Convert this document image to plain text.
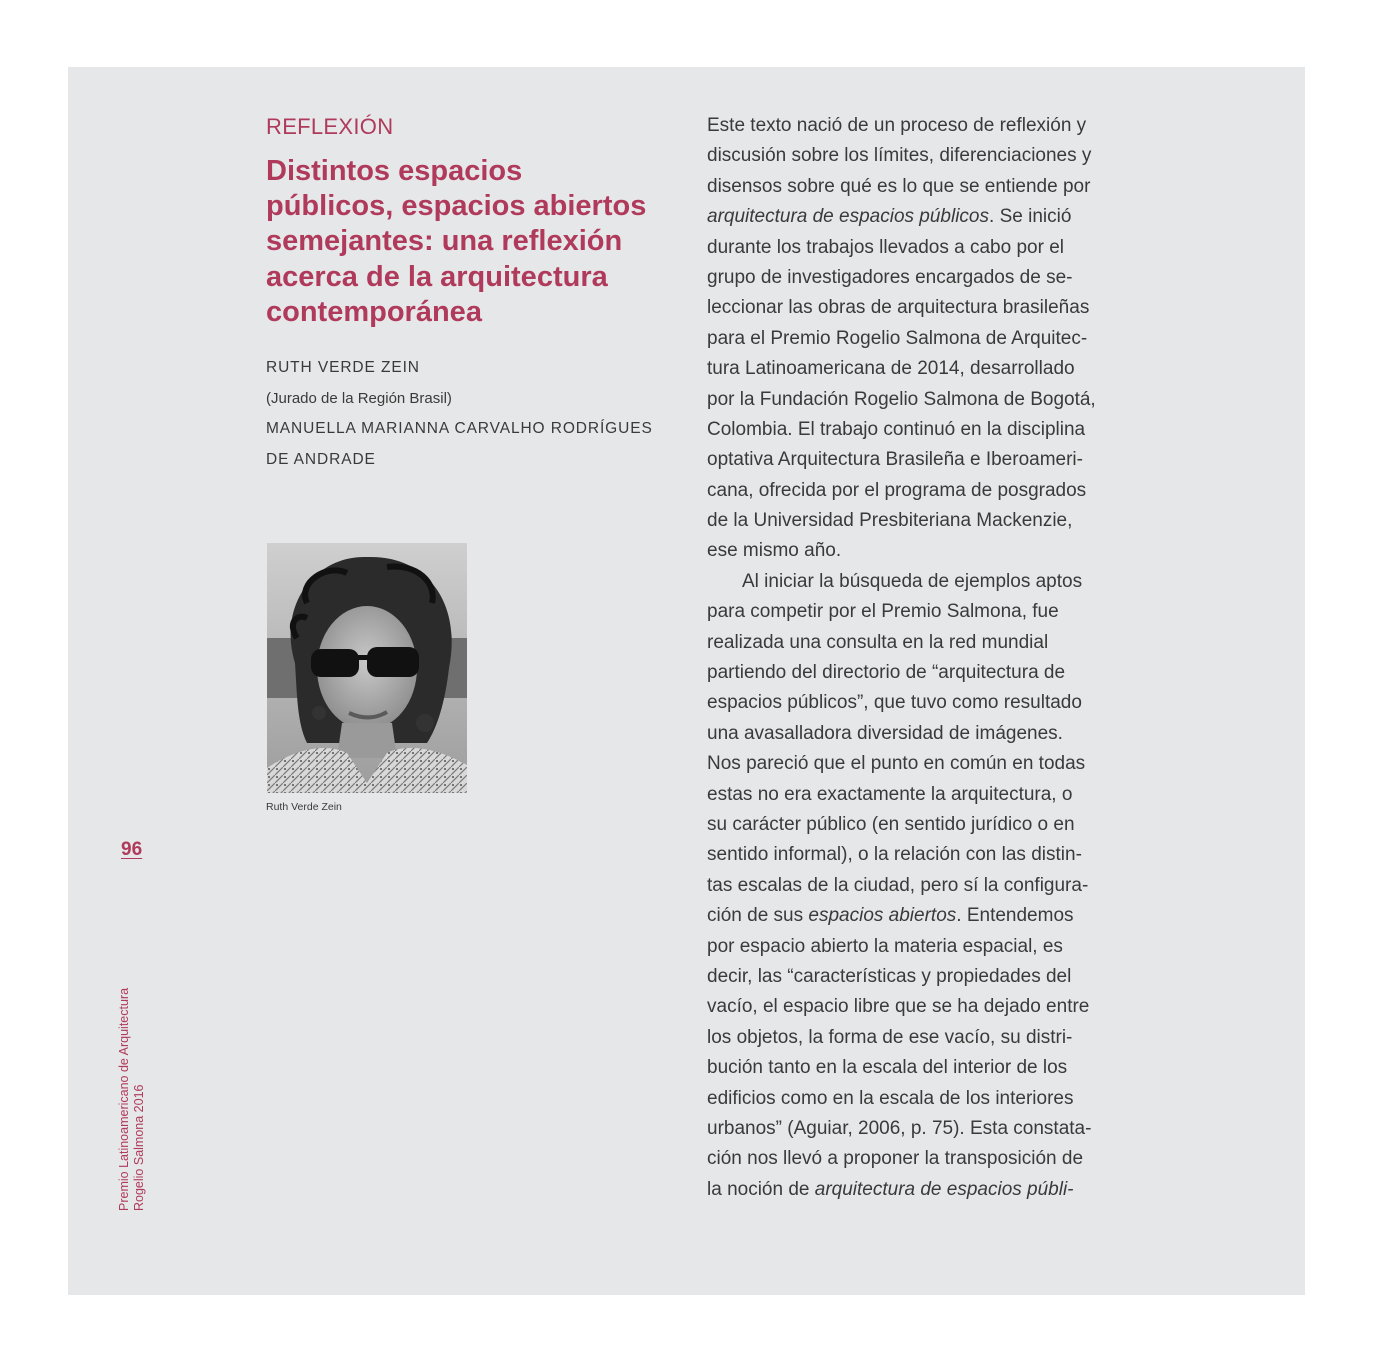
REFLEXIÓN
Distintos espacios
públicos, espacios abiertos
semejantes: una reflexión
acerca de la arquitectura
contemporánea
RUTH VERDE ZEIN
(Jurado de la Región Brasil)
MANUELLA MARIANNA CARVALHO RODRÍGUES
DE ANDRADE
Ruth Verde Zein
96
Premio Latinoamericano de Arquitectura Rogelio Salmona 2016
Este texto nació de un proceso de reflexión y
discusión sobre los límites, diferenciaciones y
disensos sobre qué es lo que se entiende por
arquitectura de espacios públicos. Se inició
durante los trabajos llevados a cabo por el
grupo de investigadores encargados de se-
leccionar las obras de arquitectura brasileñas
para el Premio Rogelio Salmona de Arquitec-
tura Latinoamericana de 2014, desarrollado
por la Fundación Rogelio Salmona de Bogotá,
Colombia. El trabajo continuó en la disciplina
optativa Arquitectura Brasileña e Iberoameri-
cana, ofrecida por el programa de posgrados
de la Universidad Presbiteriana Mackenzie,
ese mismo año.
Al iniciar la búsqueda de ejemplos aptos
para competir por el Premio Salmona, fue
realizada una consulta en la red mundial
partiendo del directorio de “arquitectura de
espacios públicos”, que tuvo como resultado
una avasalladora diversidad de imágenes.
Nos pareció que el punto en común en todas
estas no era exactamente la arquitectura, o
su carácter público (en sentido jurídico o en
sentido informal), o la relación con las distin-
tas escalas de la ciudad, pero sí la configura-
ción de sus espacios abiertos. Entendemos
por espacio abierto la materia espacial, es
decir, las “características y propiedades del
vacío, el espacio libre que se ha dejado entre
los objetos, la forma de ese vacío, su distri-
bución tanto en la escala del interior de los
edificios como en la escala de los interiores
urbanos” (Aguiar, 2006, p. 75). Esta constata-
ción nos llevó a proponer la transposición de
la noción de arquitectura de espacios públi-
